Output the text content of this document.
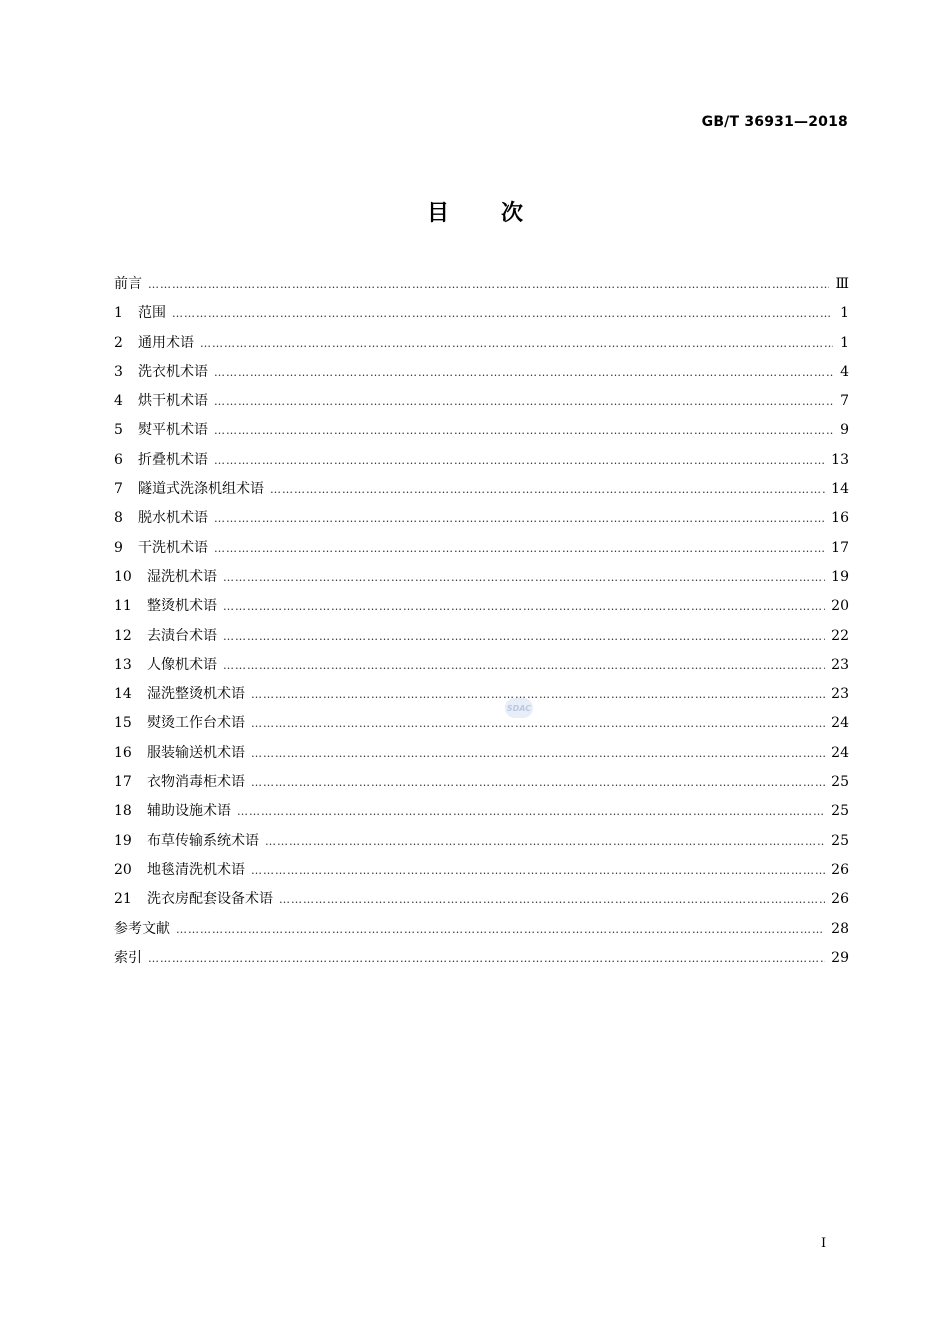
GB/T 36931—2018
目 次
前言 ………………………………………………………………………………………………………………………………………………………………………………………………………………………………………………………	Ⅲ
1	范围 ………………………………………………………………………………………………………………………………………………………………………………………………………………………………………………………	1
2	通用术语 ………………………………………………………………………………………………………………………………………………………………………………………………………………………………………………………	1
3	洗衣机术语 ………………………………………………………………………………………………………………………………………………………………………………………………………………………………………………………	4
4	烘干机术语 ………………………………………………………………………………………………………………………………………………………………………………………………………………………………………………………	7
5	熨平机术语 ………………………………………………………………………………………………………………………………………………………………………………………………………………………………………………………	9
6	折叠机术语 ………………………………………………………………………………………………………………………………………………………………………………………………………………………………………………………	13
7	隧道式洗涤机组术语 ………………………………………………………………………………………………………………………………………………………………………………………………………………………………………………………	14
8	脱水机术语 ………………………………………………………………………………………………………………………………………………………………………………………………………………………………………………………	16
9	干洗机术语 ………………………………………………………………………………………………………………………………………………………………………………………………………………………………………………………	17
10	湿洗机术语 ………………………………………………………………………………………………………………………………………………………………………………………………………………………………………………………	19
11	整烫机术语 ………………………………………………………………………………………………………………………………………………………………………………………………………………………………………………………	20
12	去渍台术语 ………………………………………………………………………………………………………………………………………………………………………………………………………………………………………………………	22
13	人像机术语 ………………………………………………………………………………………………………………………………………………………………………………………………………………………………………………………	23
14	湿洗整烫机术语 ………………………………………………………………………………………………………………………………………………………………………………………………………………………………………………………	23
15	熨烫工作台术语 ………………………………………………………………………………………………………………………………………………………………………………………………………………………………………………………	24
16	服装输送机术语 ………………………………………………………………………………………………………………………………………………………………………………………………………………………………………………………	24
17	衣物消毒柜术语 ………………………………………………………………………………………………………………………………………………………………………………………………………………………………………………………	25
18	辅助设施术语 ………………………………………………………………………………………………………………………………………………………………………………………………………………………………………………………	25
19	布草传输系统术语 ………………………………………………………………………………………………………………………………………………………………………………………………………………………………………………………	25
20	地毯清洗机术语 ………………………………………………………………………………………………………………………………………………………………………………………………………………………………………………………	26
21	洗衣房配套设备术语 ………………………………………………………………………………………………………………………………………………………………………………………………………………………………………………………	26
参考文献 ………………………………………………………………………………………………………………………………………………………………………………………………………………………………………………………	28
索引 ………………………………………………………………………………………………………………………………………………………………………………………………………………………………………………………	29
SDAC
I
